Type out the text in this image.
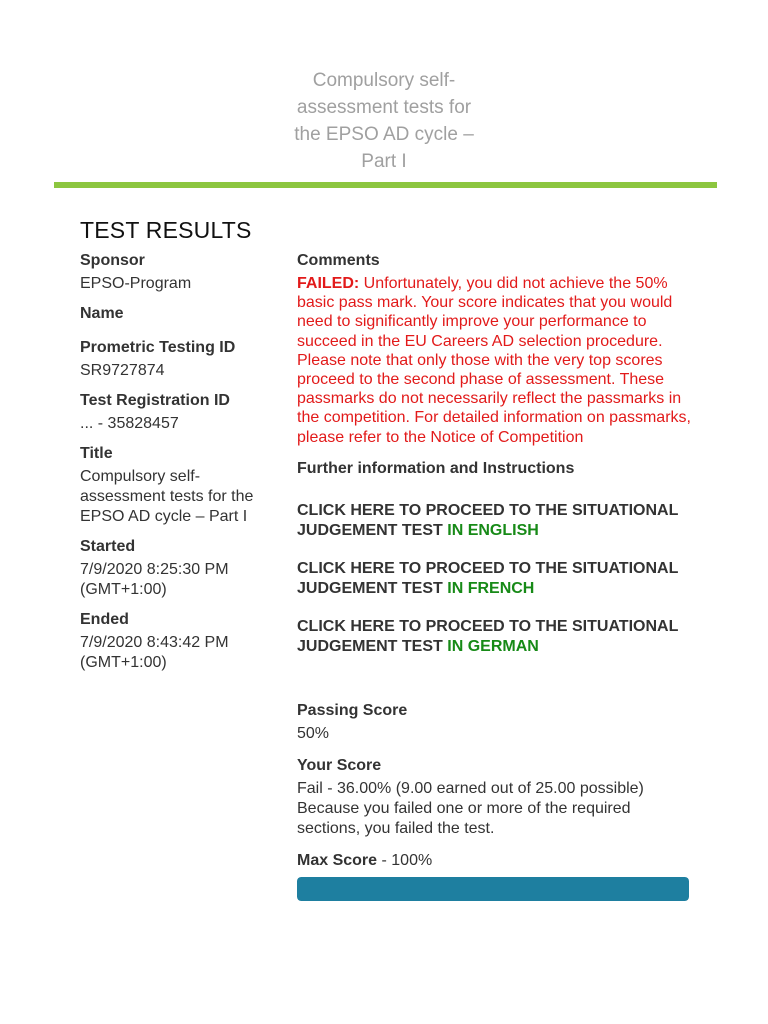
Compulsory self-assessment tests for the EPSO AD cycle – Part I
TEST RESULTS
Sponsor
EPSO-Program
Name
Prometric Testing ID
SR9727874
Test Registration ID
... - 35828457
Title
Compulsory self-assessment tests for the EPSO AD cycle – Part I
Started
7/9/2020 8:25:30 PM (GMT+1:00)
Ended
7/9/2020 8:43:42 PM (GMT+1:00)
Comments
FAILED: Unfortunately, you did not achieve the 50% basic pass mark. Your score indicates that you would need to significantly improve your performance to succeed in the EU Careers AD selection procedure. Please note that only those with the very top scores proceed to the second phase of assessment. These passmarks do not necessarily reflect the passmarks in the competition. For detailed information on passmarks, please refer to the Notice of Competition
Further information and Instructions
CLICK HERE TO PROCEED TO THE SITUATIONAL JUDGEMENT TEST IN ENGLISH
CLICK HERE TO PROCEED TO THE SITUATIONAL JUDGEMENT TEST IN FRENCH
CLICK HERE TO PROCEED TO THE SITUATIONAL JUDGEMENT TEST IN GERMAN
Passing Score
50%
Your Score
Fail - 36.00% (9.00 earned out of 25.00 possible)
Because you failed one or more of the required sections, you failed the test.
Max Score - 100%
